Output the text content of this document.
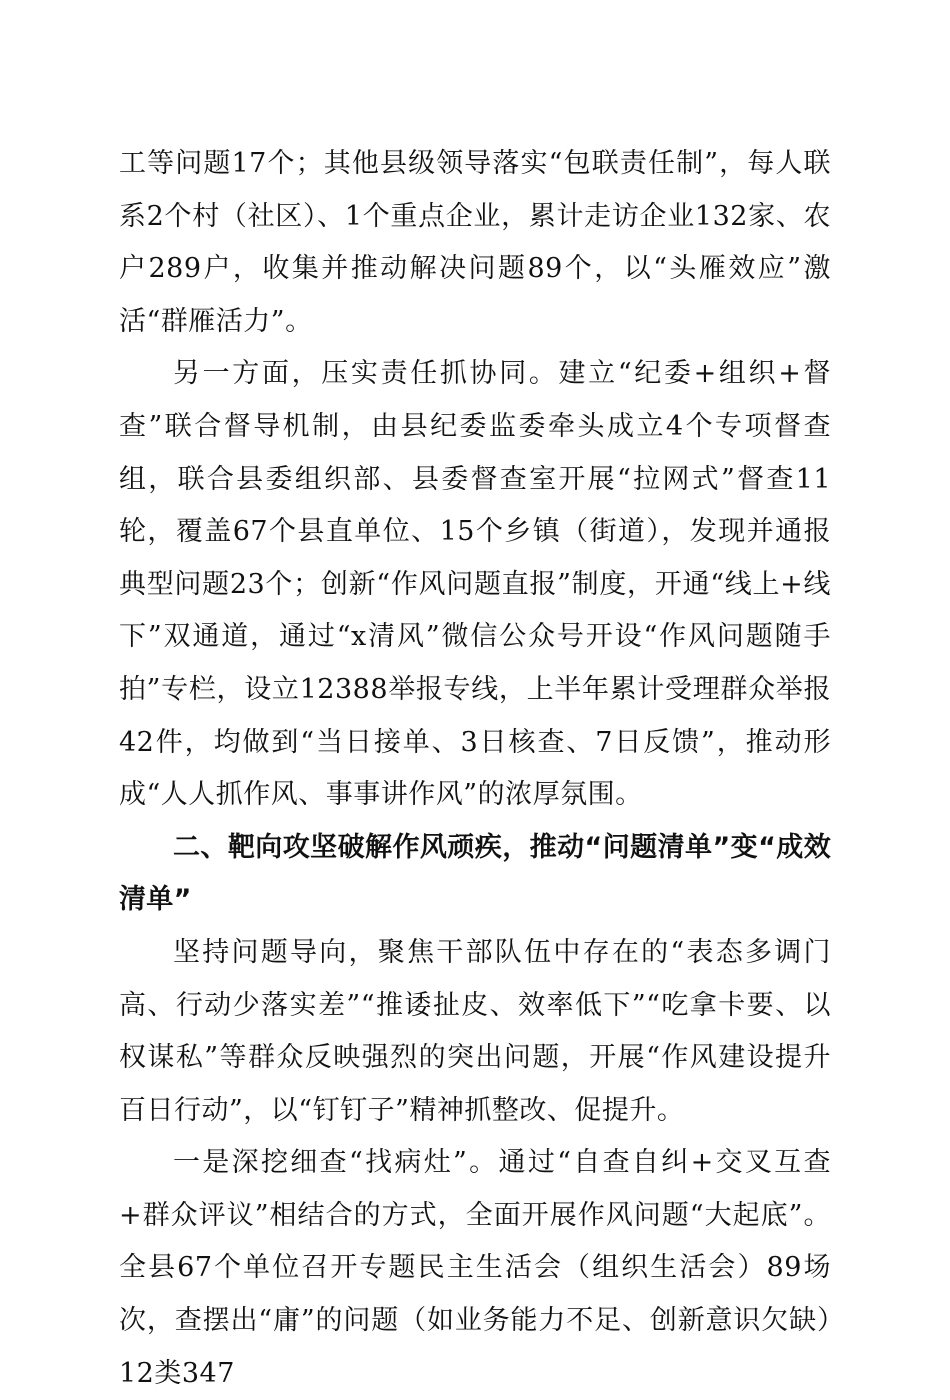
工等问题17个；其他县级领导落实“包联责任制”，每人联系2个村（社区）、1个重点企业，累计走访企业132家、农户289户，收集并推动解决问题89个，以“头雁效应”激活“群雁活力”。

另一方面，压实责任抓协同。建立“纪委+组织+督查”联合督导机制，由县纪委监委牵头成立4个专项督查组，联合县委组织部、县委督查室开展“拉网式”督查11轮，覆盖67个县直单位、15个乡镇（街道），发现并通报典型问题23个；创新“作风问题直报”制度，开通“线上+线下”双通道，通过“x清风”微信公众号开设“作风问题随手拍”专栏，设立12388举报专线，上半年累计受理群众举报42件，均做到“当日接单、3日核查、7日反馈”，推动形成“人人抓作风、事事讲作风”的浓厚氛围。

二、靶向攻坚破解作风顽疾，推动“问题清单”变“成效清单”

坚持问题导向，聚焦干部队伍中存在的“表态多调门高、行动少落实差”“推诿扯皮、效率低下”“吃拿卡要、以权谋私”等群众反映强烈的突出问题，开展“作风建设提升百日行动”，以“钉钉子”精神抓整改、促提升。

一是深挖细查“找病灶”。通过“自查自纠+交叉互查+群众评议”相结合的方式，全面开展作风问题“大起底”。全县67个单位召开专题民主生活会（组织生活会）89场次，查摆出“庸”的问题（如业务能力不足、创新意识欠缺）12类347
